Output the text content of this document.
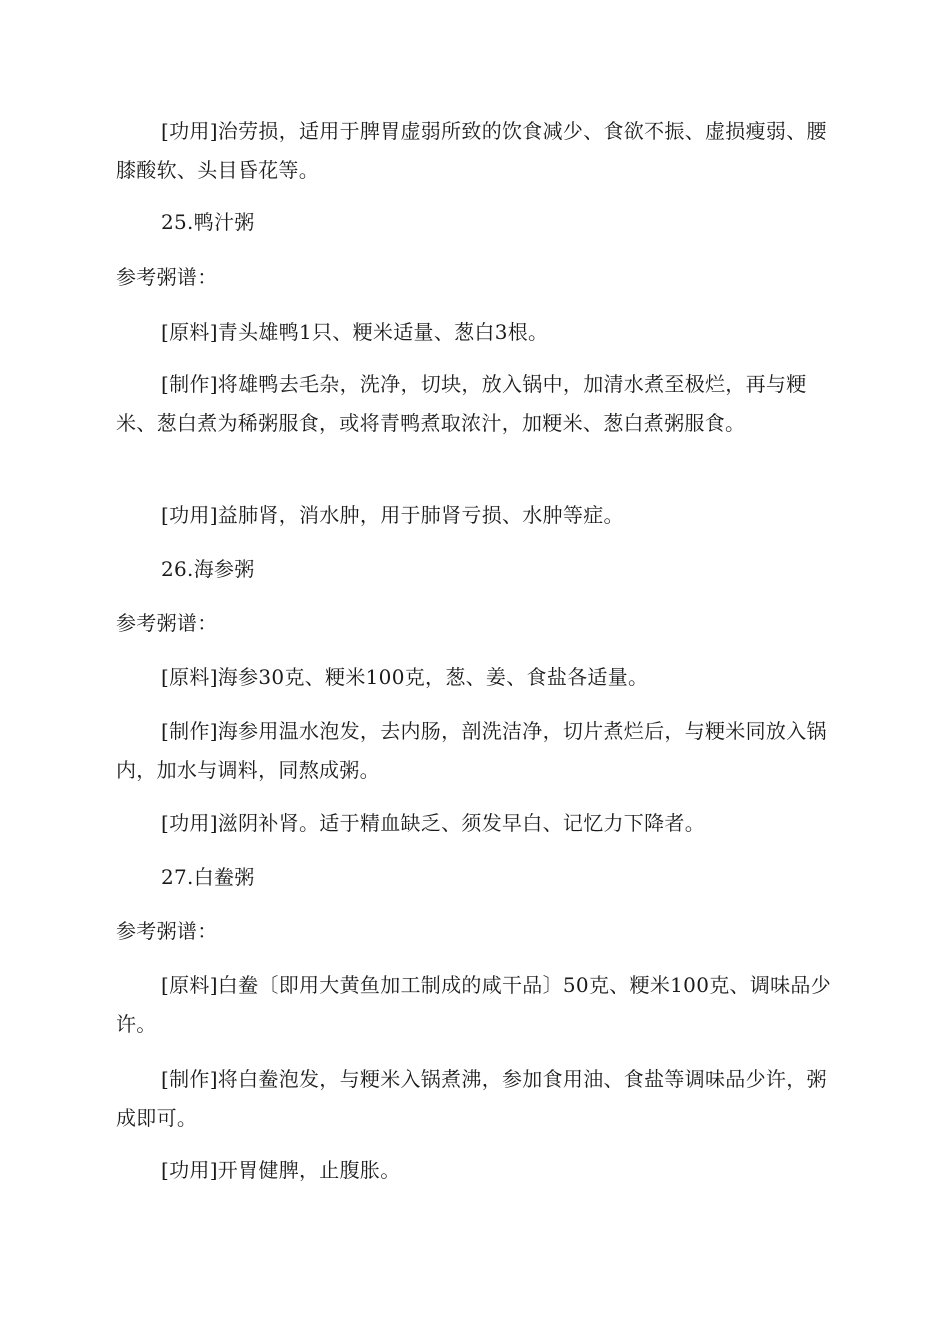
[功用]治劳损，适用于脾胃虚弱所致的饮食减少、食欲不振、虚损瘦弱、腰膝酸软、头目昏花等。

25.鸭汁粥

参考粥谱：

[原料]青头雄鸭1只、粳米适量、葱白3根。

[制作]将雄鸭去毛杂，洗净，切块，放入锅中，加清水煮至极烂，再与粳米、葱白煮为稀粥服食，或将青鸭煮取浓汁，加粳米、葱白煮粥服食。

[功用]益肺肾，消水肿，用于肺肾亏损、水肿等症。

26.海参粥

参考粥谱：

[原料]海参30克、粳米100克，葱、姜、食盐各适量。

[制作]海参用温水泡发，去内肠，剖洗洁净，切片煮烂后，与粳米同放入锅内，加水与调料，同熬成粥。

[功用]滋阴补肾。适于精血缺乏、须发早白、记忆力下降者。

27.白鲞粥

参考粥谱：

[原料]白鲞〔即用大黄鱼加工制成的咸干品〕50克、粳米100克、调味品少许。

[制作]将白鲞泡发，与粳米入锅煮沸，参加食用油、食盐等调味品少许，粥成即可。

[功用]开胃健脾，止腹胀。
